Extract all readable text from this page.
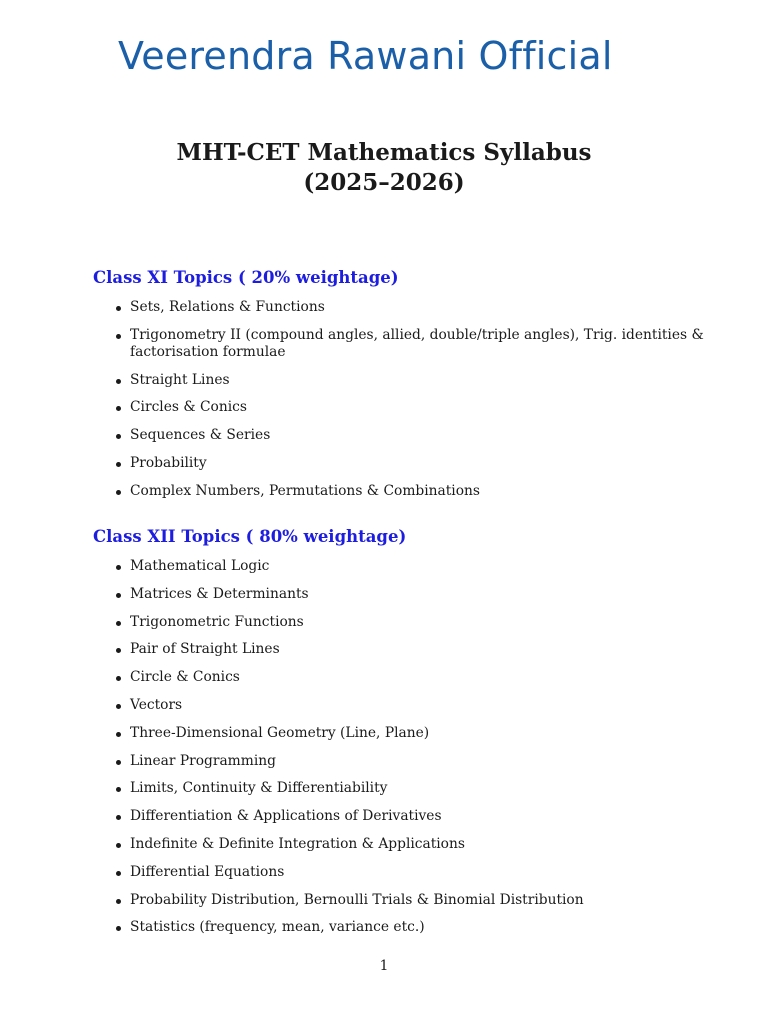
Veerendra Rawani Official
MHT-CET Mathematics Syllabus
(2025–2026)
Class XI Topics ( 20% weightage)
Sets, Relations & Functions
Trigonometry II (compound angles, allied, double/triple angles), Trig. identities & factorisation formulae
Straight Lines
Circles & Conics
Sequences & Series
Probability
Complex Numbers, Permutations & Combinations
Class XII Topics ( 80% weightage)
Mathematical Logic
Matrices & Determinants
Trigonometric Functions
Pair of Straight Lines
Circle & Conics
Vectors
Three-Dimensional Geometry (Line, Plane)
Linear Programming
Limits, Continuity & Differentiability
Differentiation & Applications of Derivatives
Indefinite & Definite Integration & Applications
Differential Equations
Probability Distribution, Bernoulli Trials & Binomial Distribution
Statistics (frequency, mean, variance etc.)
1
